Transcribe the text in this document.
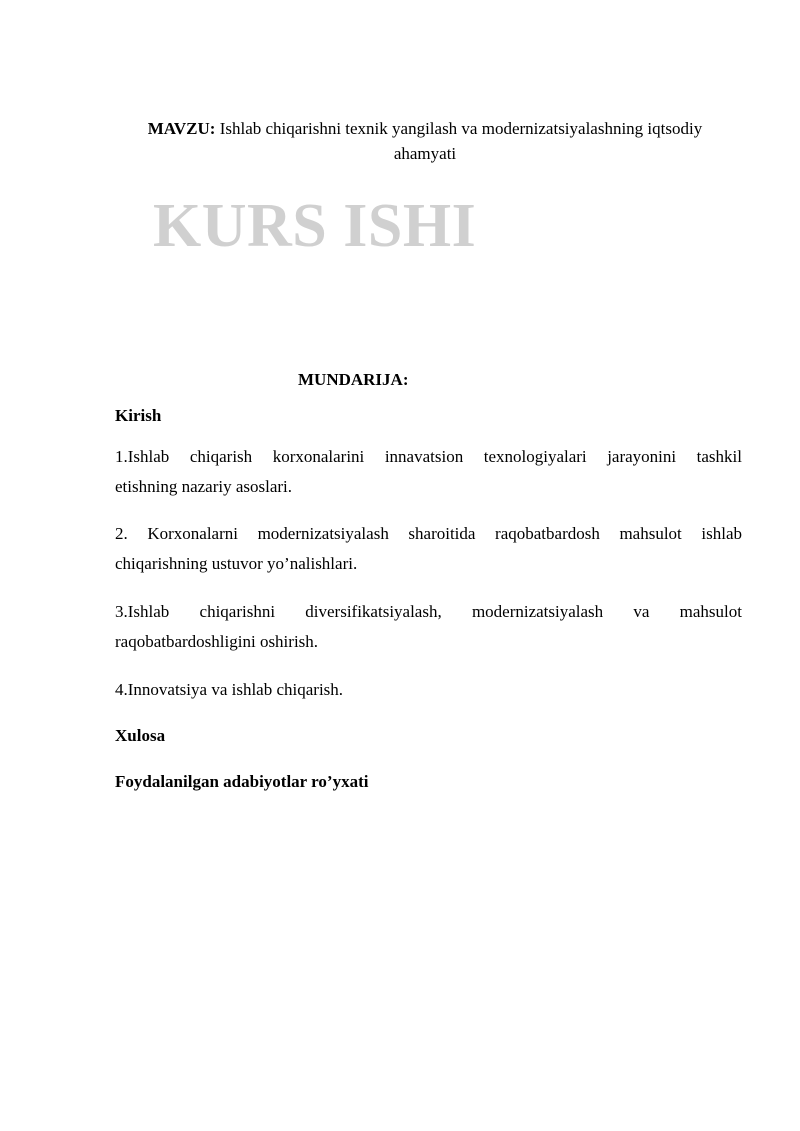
MAVZU: Ishlab chiqarishni texnik yangilash va modernizatsiyalashning iqtsodiy
ahamyati
KURS ISHI
MUNDARIJA:

Kirish

1.Ishlab chiqarish korxonalarini innavatsion texnologiyalari jarayonini tashkil
etishning nazariy asoslari.
2. Korxonalarni modernizatsiyalash sharoitida raqobatbardosh mahsulot ishlab
chiqarishning ustuvor yo’nalishlari.
3.Ishlab chiqarishni diversifikatsiyalash, modernizatsiyalash va mahsulot
raqobatbardoshligini oshirish.
4.Innovatsiya va ishlab chiqarish.

Xulosa

Foydalanilgan adabiyotlar ro’yxati
